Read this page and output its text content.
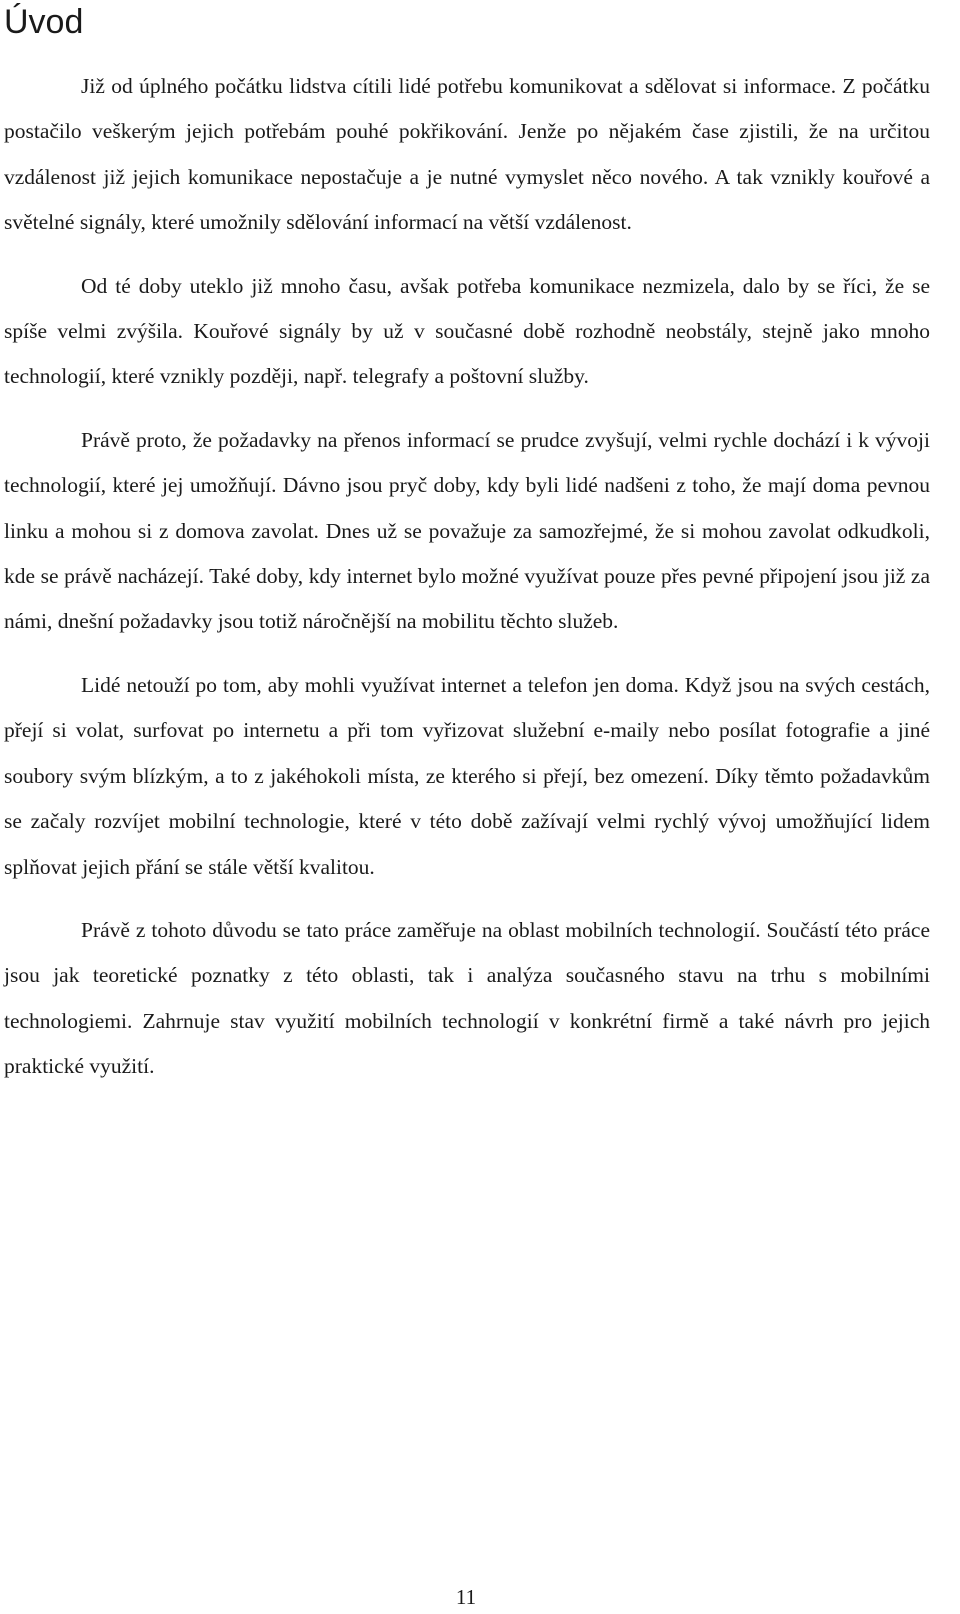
Úvod

Již od úplného počátku lidstva cítili lidé potřebu komunikovat a sdělovat si informace. Z počátku postačilo veškerým jejich potřebám pouhé pokřikování. Jenže po nějakém čase zjistili, že na určitou vzdálenost již jejich komunikace nepostačuje a je nutné vymyslet něco nového. A tak vznikly kouřové a světelné signály, které umožnily sdělování informací na větší vzdálenost.

Od té doby uteklo již mnoho času, avšak potřeba komunikace nezmizela, dalo by se říci, že se spíše velmi zvýšila. Kouřové signály by už v současné době rozhodně neobstály, stejně jako mnoho technologií, které vznikly později, např. telegrafy a poštovní služby.

Právě proto, že požadavky na přenos informací se prudce zvyšují, velmi rychle dochází i k vývoji technologií, které jej umožňují. Dávno jsou pryč doby, kdy byli lidé nadšeni z toho, že mají doma pevnou linku a mohou si z domova zavolat. Dnes už se považuje za samozřejmé, že si mohou zavolat odkudkoli, kde se právě nacházejí. Také doby, kdy internet bylo možné využívat pouze přes pevné připojení jsou již za námi, dnešní požadavky jsou totiž náročnější na mobilitu těchto služeb.

Lidé netouží po tom, aby mohli využívat internet a telefon jen doma. Když jsou na svých cestách, přejí si volat, surfovat po internetu a při tom vyřizovat služební e-maily nebo posílat fotografie a jiné soubory svým blízkým, a to z jakéhokoli místa, ze kterého si přejí, bez omezení. Díky těmto požadavkům se začaly rozvíjet mobilní technologie, které v této době zažívají velmi rychlý vývoj umožňující lidem splňovat jejich přání se stále větší kvalitou.

Právě z tohoto důvodu se tato práce zaměřuje na oblast mobilních technologií. Součástí této práce jsou jak teoretické poznatky z této oblasti, tak i analýza současného stavu na trhu s mobilními technologiemi. Zahrnuje stav využití mobilních technologií v konkrétní firmě a také návrh pro jejich praktické využití.

11
